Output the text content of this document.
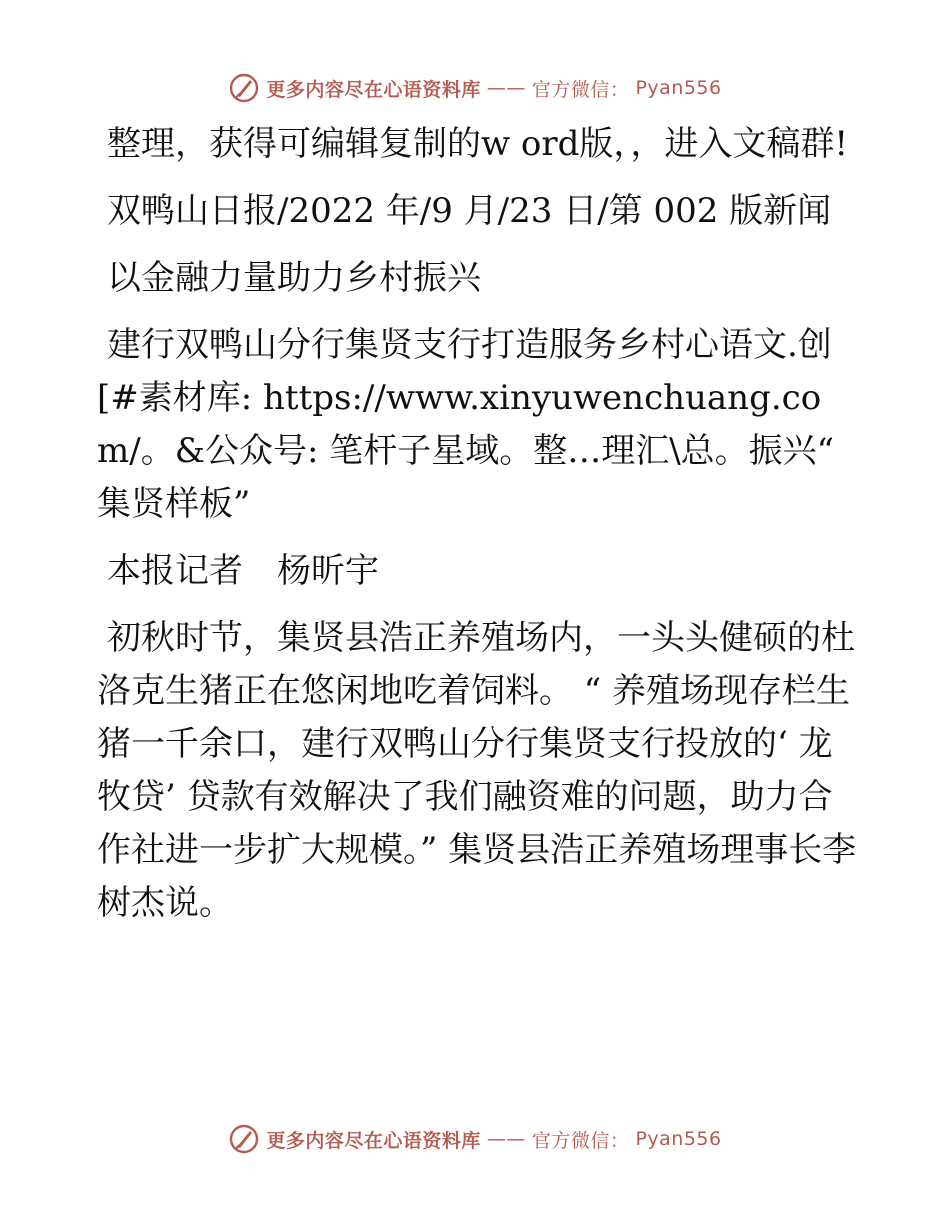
更多内容尽在心语资料库 —— 官方微信： Pyan556

整理，获得可编辑复制的w ord版，，进入文稿群!

双鸭山日报/2022 年/9 月/23 日/第 002 版新闻

以金融力量助力乡村振兴

建行双鸭山分行集贤支行打造服务乡村心语文.创[#素材库: https://www.xinyuwenchuang.com/。&公众号: 笔杆子星域。整…理汇\总。振兴“ 集贤样板”

本报记者　杨昕宇

初秋时节，集贤县浩正养殖场内，一头头健硕的杜洛克生猪正在悠闲地吃着饲料。 “ 养殖场现存栏生猪一千余口，建行双鸭山分行集贤支行投放的‘ 龙牧贷’ 贷款有效解决了我们融资难的问题，助力合作社进一步扩大规模。” 集贤县浩正养殖场理事长李树杰说。

更多内容尽在心语资料库 —— 官方微信： Pyan556
